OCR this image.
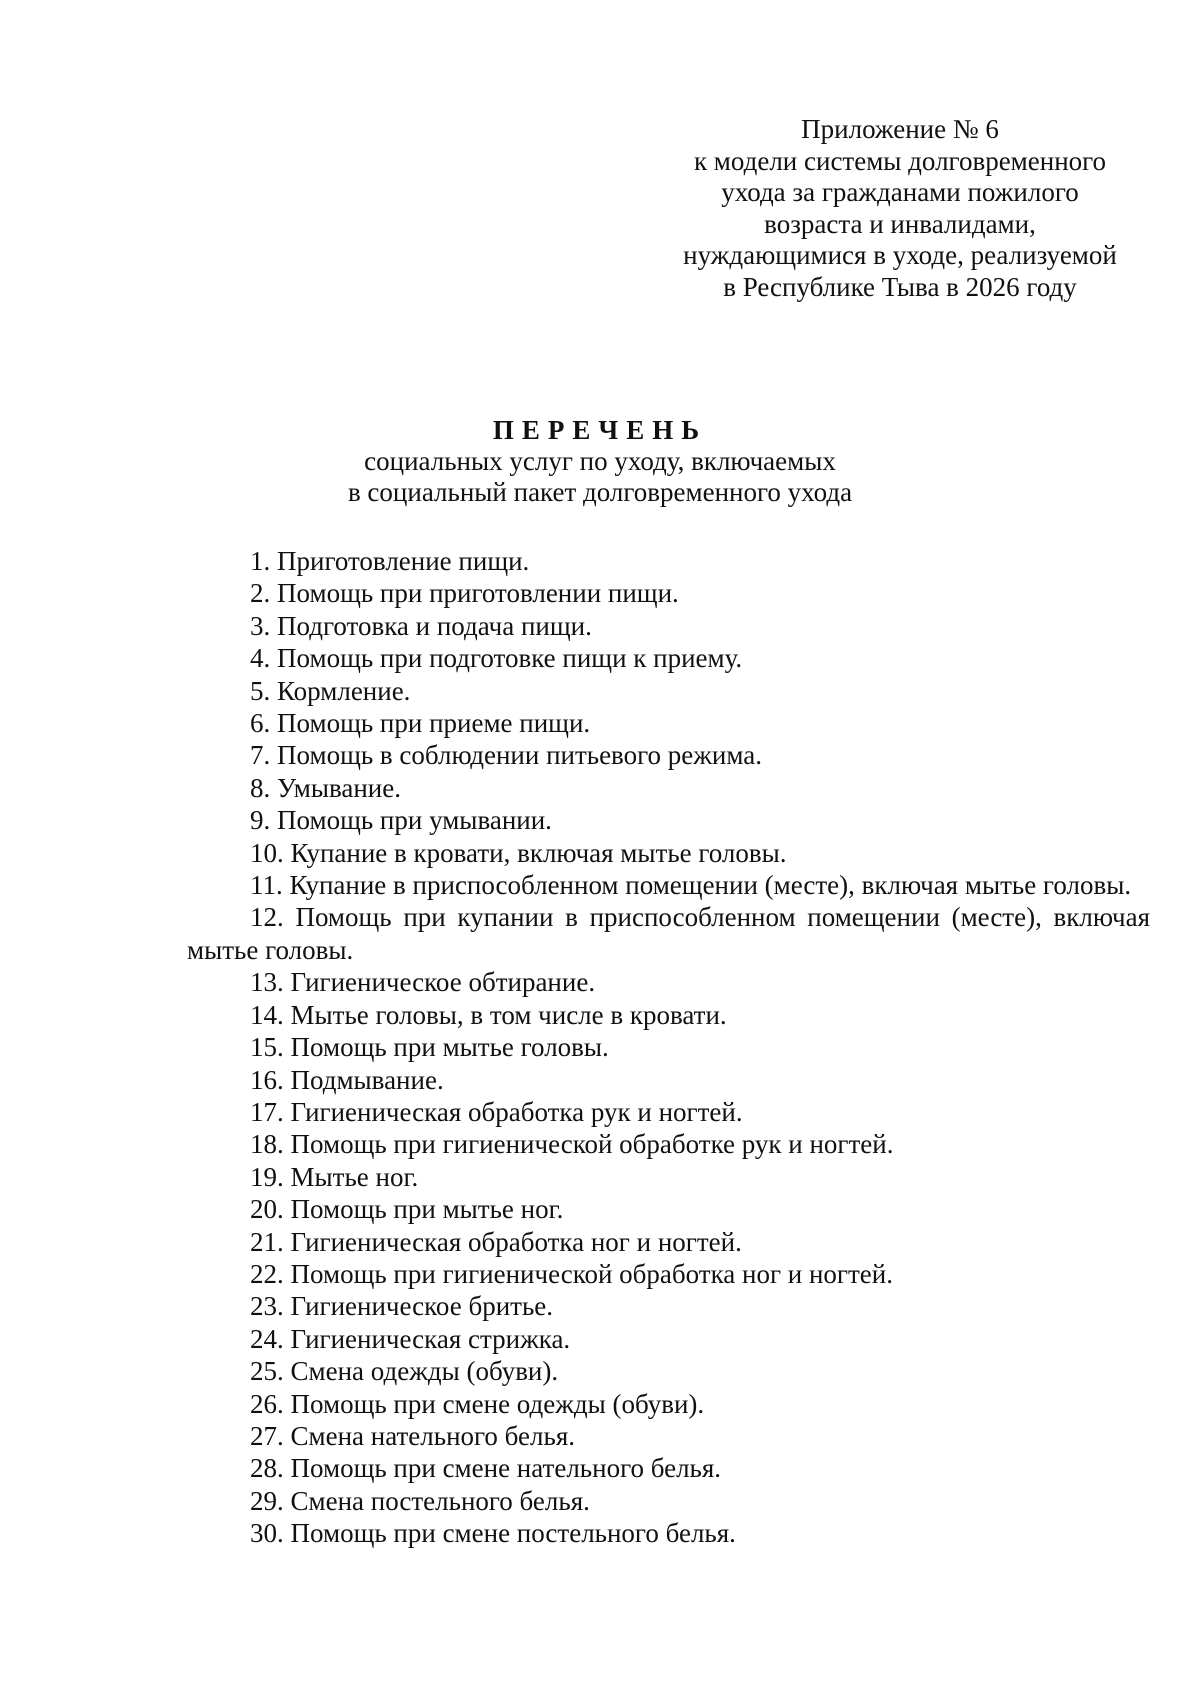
Приложение № 6
к модели системы долговременного
ухода за гражданами пожилого
возраста и инвалидами,
нуждающимися в уходе, реализуемой
в Республике Тыва в 2026 году
ПЕРЕЧЕНЬ
социальных услуг по уходу, включаемых
в социальный пакет долговременного ухода
1. Приготовление пищи.
2. Помощь при приготовлении пищи.
3. Подготовка и подача пищи.
4. Помощь при подготовке пищи к приему.
5. Кормление.
6. Помощь при приеме пищи.
7. Помощь в соблюдении питьевого режима.
8. Умывание.
9. Помощь при умывании.
10. Купание в кровати, включая мытье головы.
11. Купание в приспособленном помещении (месте), включая мытье головы.
12. Помощь при купании в приспособленном помещении (месте), включая мытье головы.
13. Гигиеническое обтирание.
14. Мытье головы, в том числе в кровати.
15. Помощь при мытье головы.
16. Подмывание.
17. Гигиеническая обработка рук и ногтей.
18. Помощь при гигиенической обработке рук и ногтей.
19. Мытье ног.
20. Помощь при мытье ног.
21. Гигиеническая обработка ног и ногтей.
22. Помощь при гигиенической обработка ног и ногтей.
23. Гигиеническое бритье.
24. Гигиеническая стрижка.
25. Смена одежды (обуви).
26. Помощь при смене одежды (обуви).
27. Смена нательного белья.
28. Помощь при смене нательного белья.
29. Смена постельного белья.
30. Помощь при смене постельного белья.
